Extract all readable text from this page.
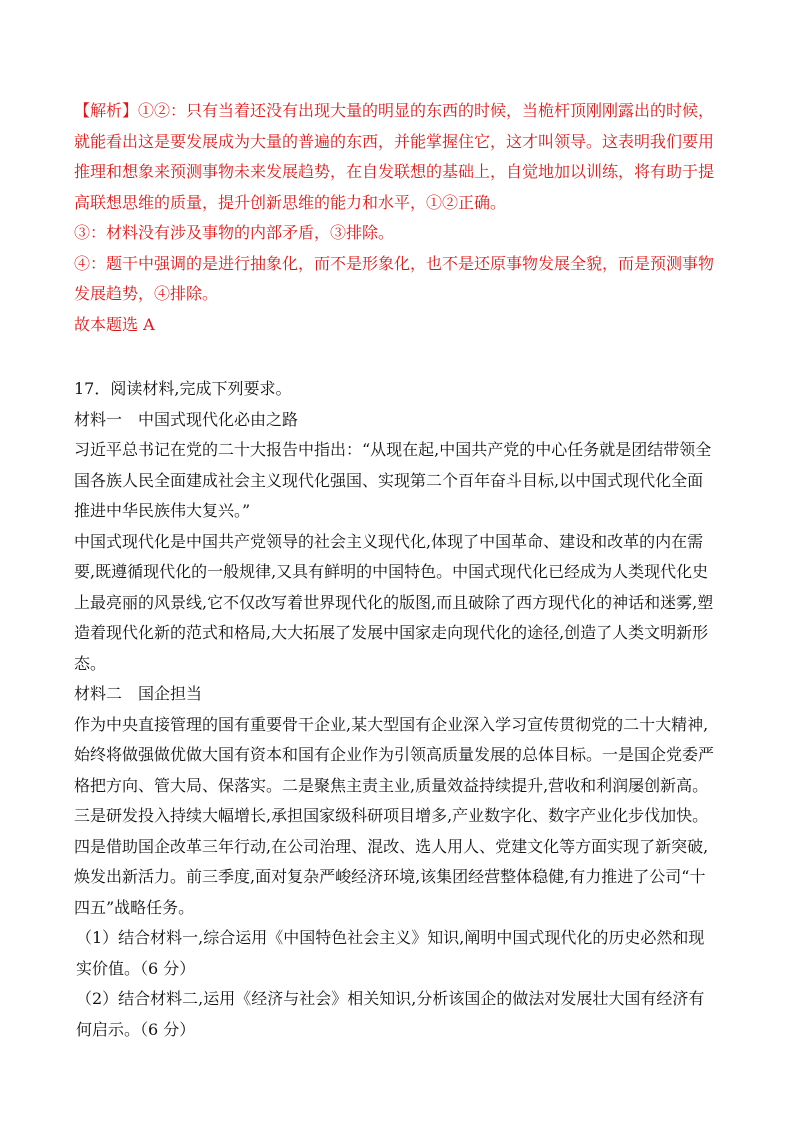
【解析】①②：只有当着还没有出现大量的明显的东西的时候，当桅杆顶刚刚露出的时候，就能看出这是要发展成为大量的普遍的东西，并能掌握住它，这才叫领导。这表明我们要用推理和想象来预测事物未来发展趋势，在自发联想的基础上，自觉地加以训练，将有助于提高联想思维的质量，提升创新思维的能力和水平，①②正确。

③：材料没有涉及事物的内部矛盾，③排除。

④：题干中强调的是进行抽象化，而不是形象化，也不是还原事物发展全貌，而是预测事物发展趋势，④排除。

故本题选 A

17．阅读材料,完成下列要求。

材料一　中国式现代化必由之路

习近平总书记在党的二十大报告中指出：“从现在起,中国共产党的中心任务就是团结带领全国各族人民全面建成社会主义现代化强国、实现第二个百年奋斗目标,以中国式现代化全面推进中华民族伟大复兴。”

中国式现代化是中国共产党领导的社会主义现代化,体现了中国革命、建设和改革的内在需要,既遵循现代化的一般规律,又具有鲜明的中国特色。中国式现代化已经成为人类现代化史上最亮丽的风景线,它不仅改写着世界现代化的版图,而且破除了西方现代化的神话和迷雾,塑造着现代化新的范式和格局,大大拓展了发展中国家走向现代化的途径,创造了人类文明新形态。

材料二　国企担当

作为中央直接管理的国有重要骨干企业,某大型国有企业深入学习宣传贯彻党的二十大精神,始终将做强做优做大国有资本和国有企业作为引领高质量发展的总体目标。一是国企党委严格把方向、管大局、保落实。二是聚焦主责主业,质量效益持续提升,营收和利润屡创新高。三是研发投入持续大幅增长,承担国家级科研项目增多,产业数字化、数字产业化步伐加快。四是借助国企改革三年行动,在公司治理、混改、选人用人、党建文化等方面实现了新突破,焕发出新活力。前三季度,面对复杂严峻经济环境,该集团经营整体稳健,有力推进了公司“十四五”战略任务。

（1）结合材料一,综合运用《中国特色社会主义》知识,阐明中国式现代化的历史必然和现实价值。（6 分）

（2）结合材料二,运用《经济与社会》相关知识,分析该国企的做法对发展壮大国有经济有何启示。（6 分）
